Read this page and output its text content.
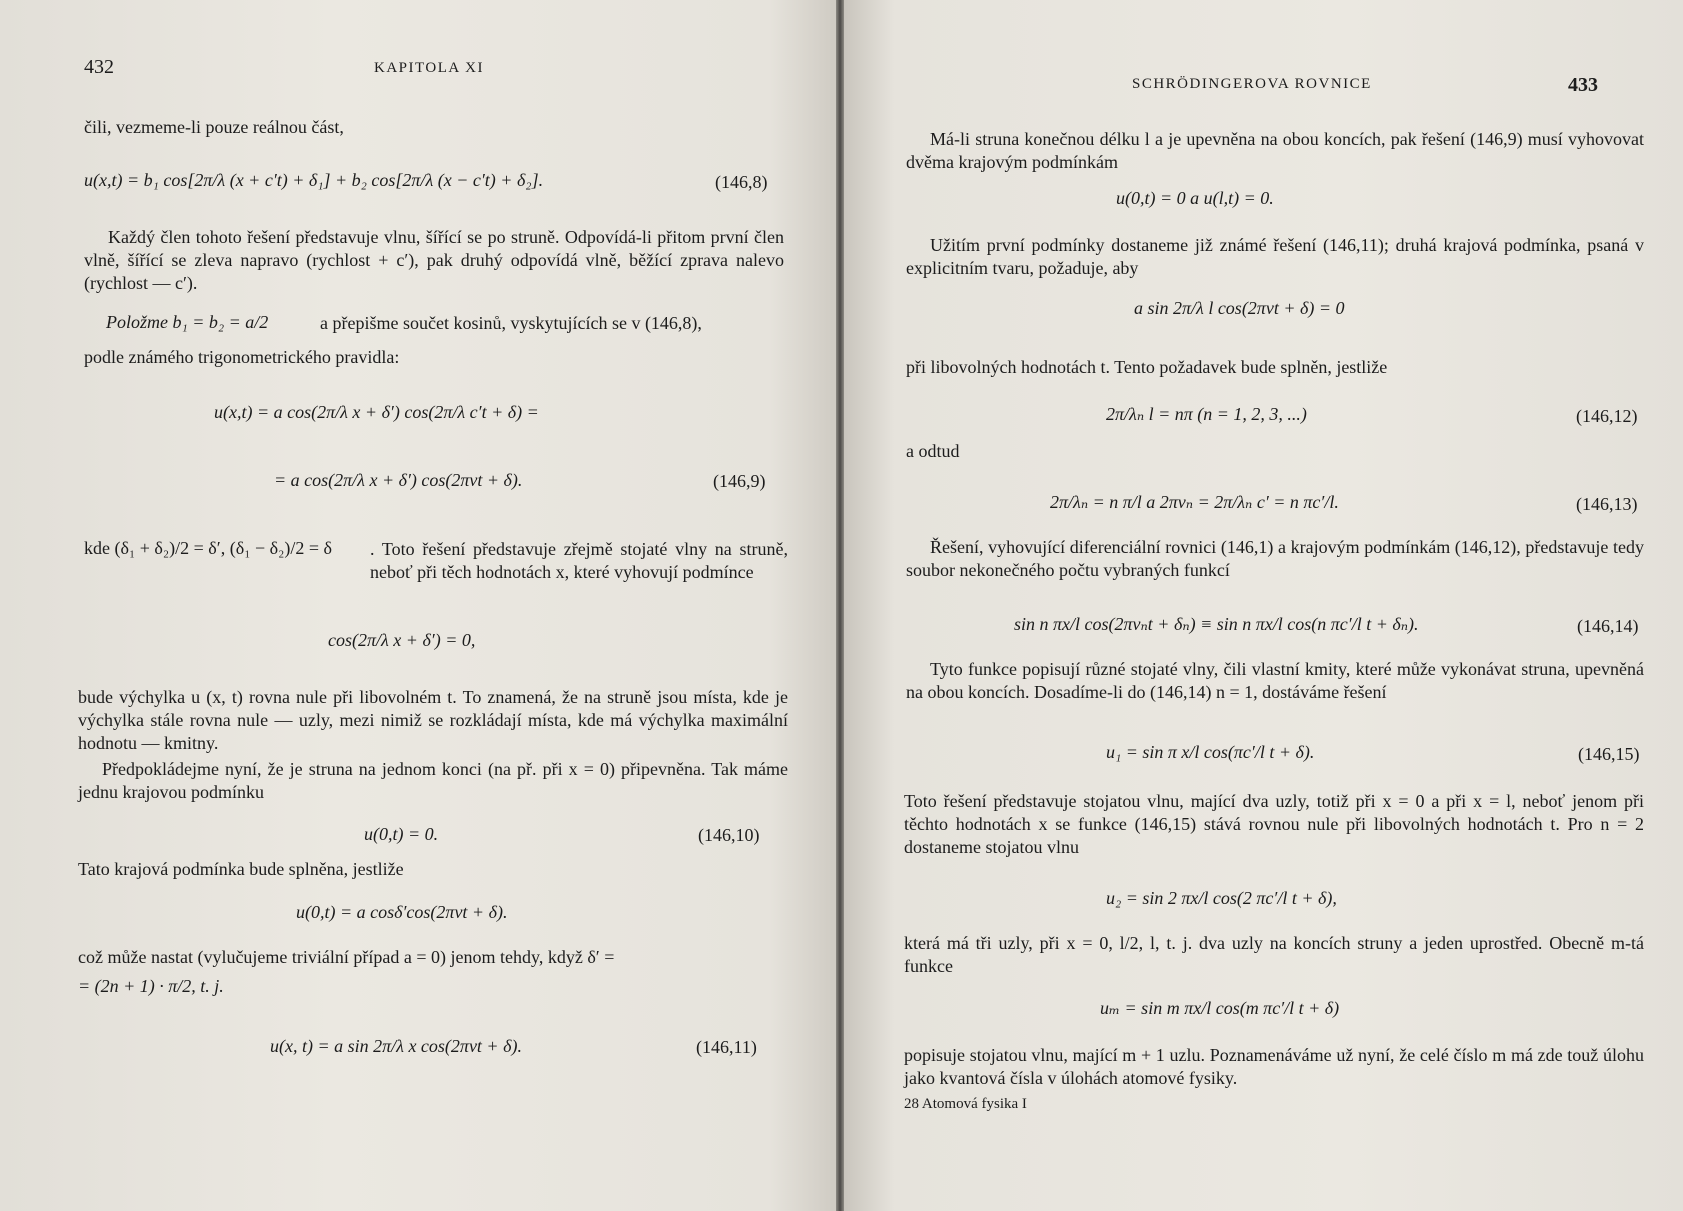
432	KAPITOLA XI
čili, vezmeme-li pouze reálnou část,
u(x,t) = b₁ cos[2π/λ (x + c′t) + δ₁] + b₂ cos[2π/λ (x − c′t) + δ₂].	(146,8)
Každý člen tohoto řešení představuje vlnu, šířící se po struně. Odpovídá-li přitom první člen vlně, šířící se zleva napravo (rychlost + c′), pak druhý odpovídá vlně, běžící zprava nalevo (rychlost — c′).
Položme b₁ = b₂ = a/2	a přepišme součet kosinů, vyskytujících se v (146,8),
podle známého trigonometrického pravidla:
u(x,t) = a cos(2π/λ x + δ′) cos(2π/λ c′t + δ) =
= a cos(2π/λ x + δ′) cos(2πνt + δ).	(146,9)
kde (δ₁ + δ₂)/2 = δ′, (δ₁ − δ₂)/2 = δ . Toto řešení představuje zřejmě stojaté vlny na struně, neboť při těch hodnotách x, které vyhovují podmínce
cos(2π/λ x + δ′) = 0,
bude výchylka u (x, t) rovna nule při libovolném t. To znamená, že na struně jsou místa, kde je výchylka stále rovna nule — uzly, mezi nimiž se rozkládají místa, kde má výchylka maximální hodnotu — kmitny.
Předpokládejme nyní, že je struna na jednom konci (na př. při x = 0) připevněna. Tak máme jednu krajovou podmínku
u(0,t) = 0.	(146,10)
Tato krajová podmínka bude splněna, jestliže
u(0,t) = a cosδ′cos(2πνt + δ).
což může nastat (vylučujeme triviální případ a = 0) jenom tehdy, když δ′ =
= (2n + 1) · π/2, t. j.
u(x, t) = a sin 2π/λ x cos(2πνt + δ).	(146,11)
SCHRÖDINGEROVA ROVNICE	433
Má-li struna konečnou délku l a je upevněna na obou koncích, pak řešení (146,9) musí vyhovovat dvěma krajovým podmínkám
u(0,t) = 0 a u(l,t) = 0.
Užitím první podmínky dostaneme již známé řešení (146,11); druhá krajová podmínka, psaná v explicitním tvaru, požaduje, aby
a sin 2π/λ l cos(2πνt + δ) = 0
při libovolných hodnotách t. Tento požadavek bude splněn, jestliže
2π/λₙ l = nπ (n = 1, 2, 3, ...)	(146,12)
a odtud
2π/λₙ = n π/l a 2πνₙ = 2π/λₙ c′ = n πc′/l.	(146,13)
Řešení, vyhovující diferenciální rovnici (146,1) a krajovým podmínkám (146,12), představuje tedy soubor nekonečného počtu vybraných funkcí
sin n πx/l cos(2πνₙt + δₙ) ≡ sin n πx/l cos(n πc′/l t + δₙ).	(146,14)
Tyto funkce popisují různé stojaté vlny, čili vlastní kmity, které může vykonávat struna, upevněná na obou koncích. Dosadíme-li do (146,14) n = 1, dostáváme řešení
u₁ = sin π x/l cos(πc′/l t + δ).	(146,15)
Toto řešení představuje stojatou vlnu, mající dva uzly, totiž při x = 0 a při x = l, neboť jenom při těchto hodnotách x se funkce (146,15) stává rovnou nule při libovolných hodnotách t. Pro n = 2 dostaneme stojatou vlnu
u₂ = sin 2 πx/l cos(2 πc′/l t + δ),
která má tři uzly, při x = 0, l/2, l, t. j. dva uzly na koncích struny a jeden uprostřed. Obecně m-tá funkce
uₘ = sin m πx/l cos(m πc′/l t + δ)
popisuje stojatou vlnu, mající m + 1 uzlu. Poznamenáváme už nyní, že celé číslo m má zde touž úlohu jako kvantová čísla v úlohách atomové fysiky.
28 Atomová fysika I
